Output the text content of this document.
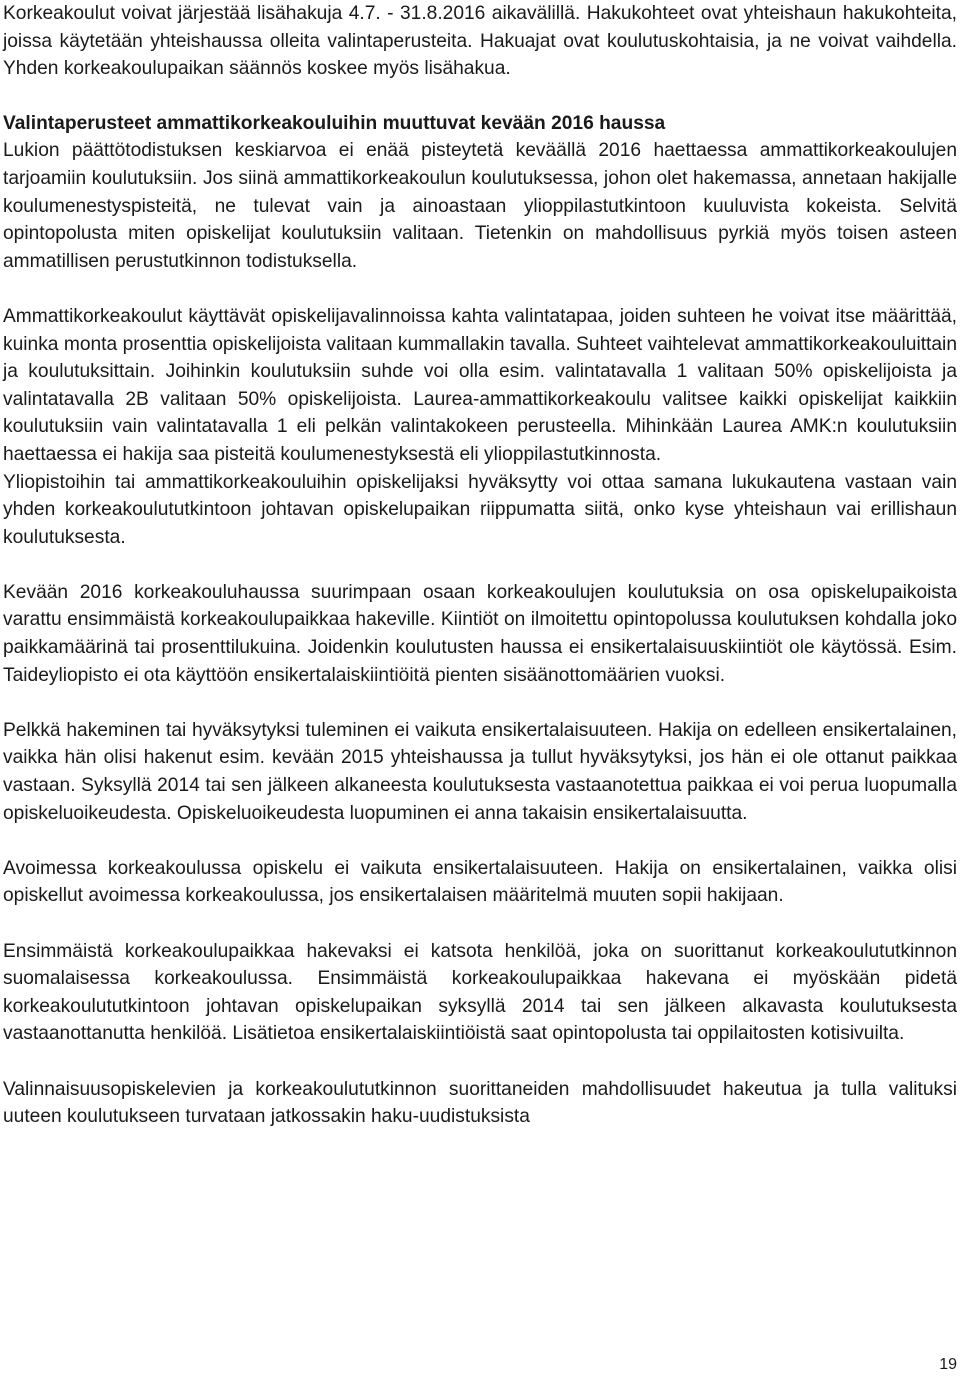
Korkeakoulut voivat järjestää lisähakuja 4.7. - 31.8.2016 aikavälillä. Hakukohteet ovat yhteishaun hakukohteita, joissa käytetään yhteishaussa olleita valintaperusteita. Hakuajat ovat koulutuskohtaisia, ja ne voivat vaihdella. Yhden korkeakoulupaikan säännös koskee myös lisähakua.

Valintaperusteet ammattikorkeakouluihin muuttuvat kevään 2016 haussa
Lukion päättötodistuksen keskiarvoa ei enää pisteytetä keväällä 2016 haettaessa ammattikorkeakoulujen tarjoamiin koulutuksiin. Jos siinä ammattikorkeakoulun koulutuksessa, johon olet hakemassa, annetaan hakijalle koulumenestyspisteitä, ne tulevat vain ja ainoastaan ylioppilastutkintoon kuuluvista kokeista. Selvitä opintopolusta miten opiskelijat koulutuksiin valitaan. Tietenkin on mahdollisuus pyrkiä myös toisen asteen ammatillisen perustutkinnon todistuksella.

Ammattikorkeakoulut käyttävät opiskelijavalinnoissa kahta valintatapaa, joiden suhteen he voivat itse määrittää, kuinka monta prosenttia opiskelijoista valitaan kummallakin tavalla. Suhteet vaihtelevat ammattikorkeakouluittain ja koulutuksittain. Joihinkin koulutuksiin suhde voi olla esim. valintatavalla 1 valitaan 50% opiskelijoista ja valintatavalla 2B valitaan 50% opiskelijoista. Laurea-ammattikorkeakoulu valitsee kaikki opiskelijat kaikkiin koulutuksiin vain valintatavalla 1 eli pelkän valintakokeen perusteella. Mihinkään Laurea AMK:n koulutuksiin haettaessa ei hakija saa pisteitä koulumenestyksestä eli ylioppilastutkinnosta.

Yliopistoihin tai ammattikorkeakouluihin opiskelijaksi hyväksytty voi ottaa samana lukukautena vastaan vain yhden korkeakoulututkintoon johtavan opiskelupaikan riippumatta siitä, onko kyse yhteishaun vai erillishaun koulutuksesta.

Kevään 2016 korkeakouluhaussa suurimpaan osaan korkeakoulujen koulutuksia on osa opiskelupaikoista varattu ensimmäistä korkeakoulupaikkaa hakeville. Kiintiöt on ilmoitettu opintopolussa koulutuksen kohdalla joko paikkamäärinä tai prosenttilukuina. Joidenkin koulutusten haussa ei ensikertalaisuuskiintiöt ole käytössä. Esim. Taideyliopisto ei ota käyttöön ensikertalaiskiintiöitä pienten sisäänottomäärien vuoksi.

Pelkkä hakeminen tai hyväksytyksi tuleminen ei vaikuta ensikertalaisuuteen. Hakija on edelleen ensikertalainen, vaikka hän olisi hakenut esim. kevään 2015 yhteishaussa ja tullut hyväksytyksi, jos hän ei ole ottanut paikkaa vastaan. Syksyllä 2014 tai sen jälkeen alkaneesta koulutuksesta vastaanotettua paikkaa ei voi perua luopumalla opiskeluoikeudesta. Opiskeluoikeudesta luopuminen ei anna takaisin ensikertalaisuutta.

Avoimessa korkeakoulussa opiskelu ei vaikuta ensikertalaisuuteen. Hakija on ensikertalainen, vaikka olisi opiskellut avoimessa korkeakoulussa, jos ensikertalaisen määritelmä muuten sopii hakijaan.

Ensimmäistä korkeakoulupaikkaa hakevaksi ei katsota henkilöä, joka on suorittanut korkeakoulututkinnon suomalaisessa korkeakoulussa. Ensimmäistä korkeakoulupaikkaa hakevana ei myöskään pidetä korkeakoulututkintoon johtavan opiskelupaikan syksyllä 2014 tai sen jälkeen alkavasta koulutuksesta vastaanottanutta henkilöä. Lisätietoa ensikertalaiskiintiöistä saat opintopolusta tai oppilaitosten kotisivuilta.

Valinnaisuusopiskelevien ja korkeakoulututkinnon suorittaneiden mahdollisuudet hakeutua ja tulla valituksi uuteen koulutukseen turvataan jatkossakin haku-uudistuksista

19
